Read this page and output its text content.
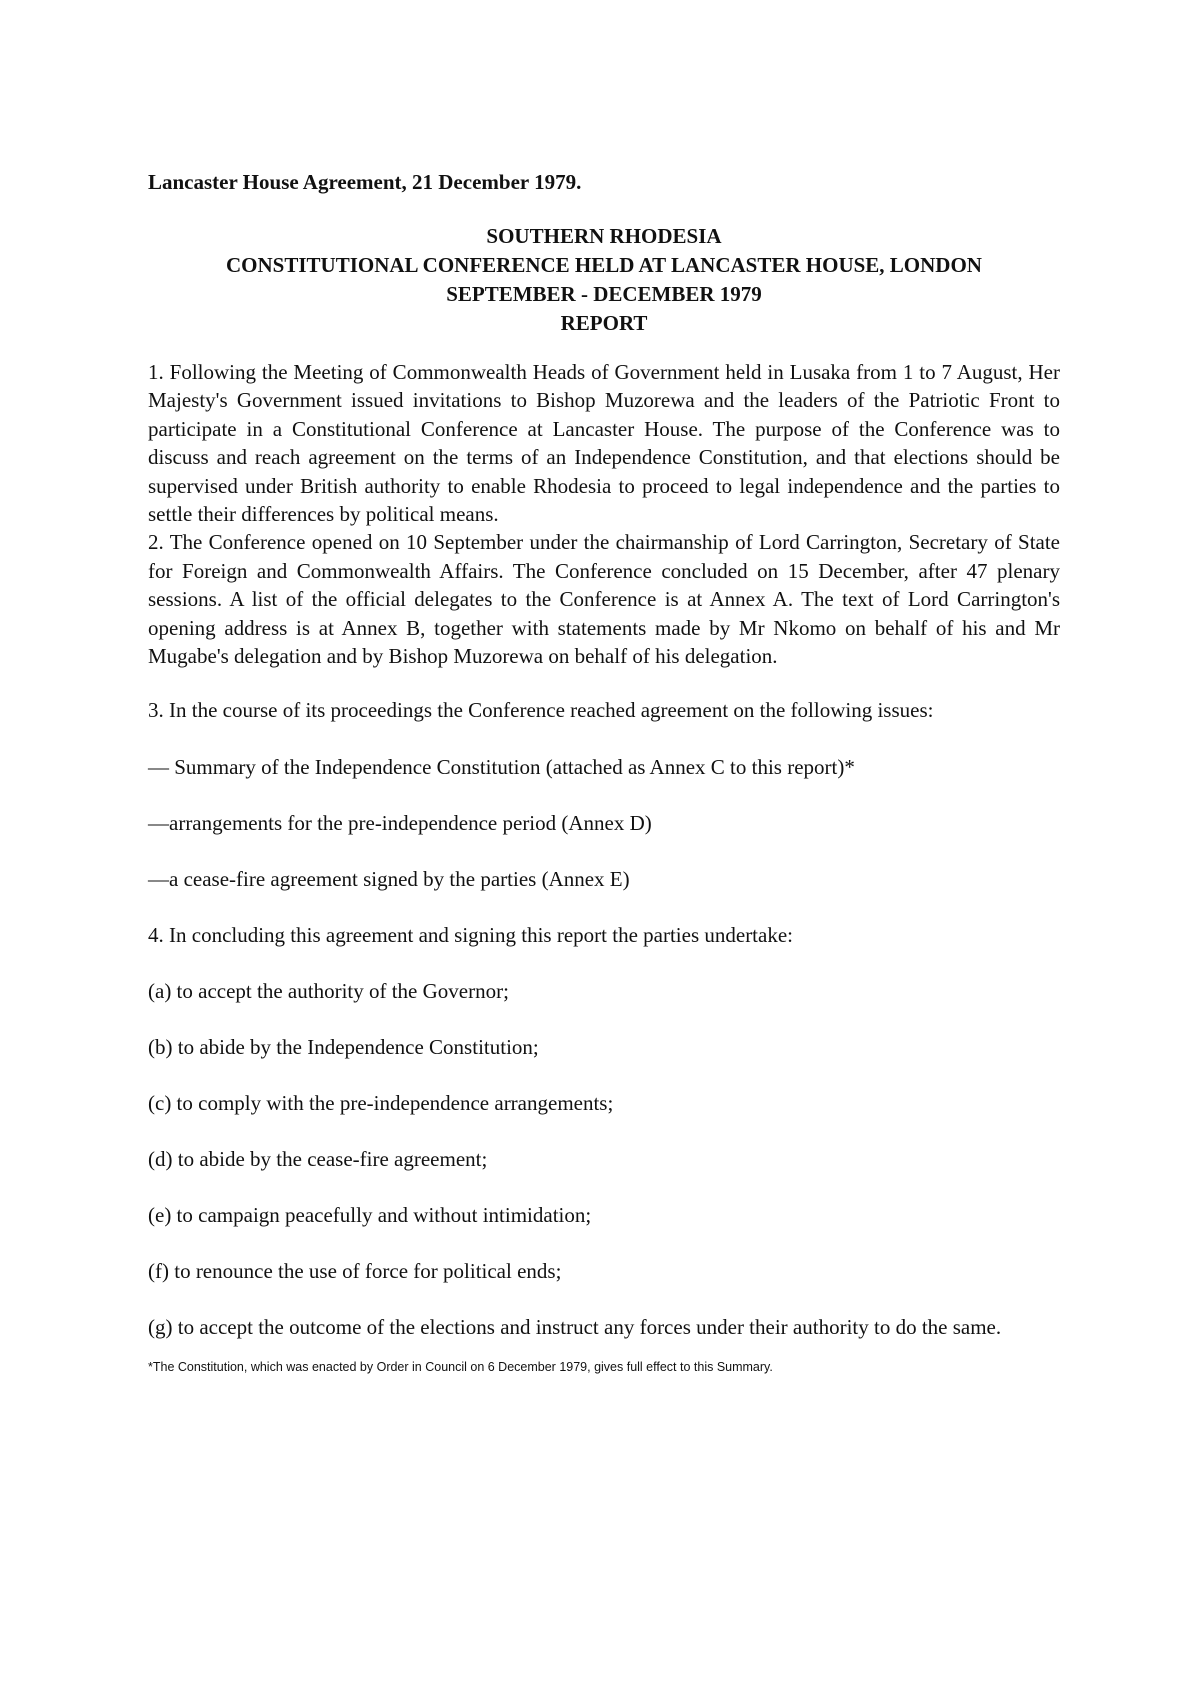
Lancaster House Agreement, 21 December 1979.
SOUTHERN RHODESIA
CONSTITUTIONAL CONFERENCE HELD AT LANCASTER HOUSE, LONDON
SEPTEMBER - DECEMBER 1979
REPORT

1. Following the Meeting of Commonwealth Heads of Government held in Lusaka from 1 to 7 August, Her Majesty's Government issued invitations to Bishop Muzorewa and the leaders of the Patriotic Front to participate in a Constitutional Conference at Lancaster House. The purpose of the Conference was to discuss and reach agreement on the terms of an Independence Constitution, and that elections should be supervised under British authority to enable Rhodesia to proceed to legal independence and the parties to settle their differences by political means.

2. The Conference opened on 10 September under the chairmanship of Lord Carrington, Secretary of State for Foreign and Commonwealth Affairs. The Conference concluded on 15 December, after 47 plenary sessions. A list of the official delegates to the Conference is at Annex A. The text of Lord Carrington's opening address is at Annex B, together with statements made by Mr Nkomo on behalf of his and Mr Mugabe's delegation and by Bishop Muzorewa on behalf of his delegation.

3. In the course of its proceedings the Conference reached agreement on the following issues:

— Summary of the Independence Constitution (attached as Annex C to this report)*

—arrangements for the pre-independence period (Annex D)

—a cease-fire agreement signed by the parties (Annex E)

4. In concluding this agreement and signing this report the parties undertake:

(a) to accept the authority of the Governor;

(b) to abide by the Independence Constitution;

(c) to comply with the pre-independence arrangements;

(d) to abide by the cease-fire agreement;

(e) to campaign peacefully and without intimidation;

(f) to renounce the use of force for political ends;

(g) to accept the outcome of the elections and instruct any forces under their authority to do the same.

*The Constitution, which was enacted by Order in Council on 6 December 1979, gives full effect to this Summary.
